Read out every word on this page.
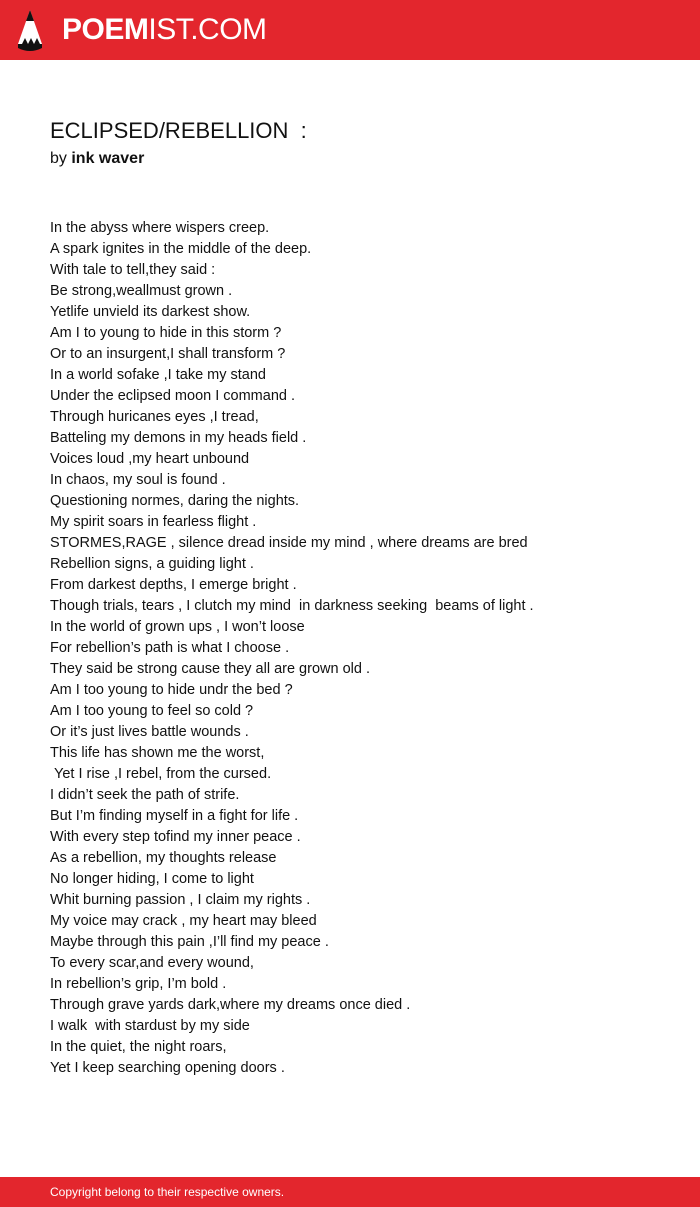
POEMIST.COM
ECLIPSED/REBELLION  :
by ink waver
In the abyss where wispers creep.
A spark ignites in the middle of the deep.
With tale to tell,they said :
Be strong,weallmust grown .
Yetlife unvield its darkest show.
Am I to young to hide in this storm ?
Or to an insurgent,I shall transform ?
In a world sofake ,I take my stand
Under the eclipsed moon I command .
Through huricanes eyes ,I tread,
Batteling my demons in my heads field .
Voices loud ,my heart unbound
In chaos, my soul is found .
Questioning normes, daring the nights.
My spirit soars in fearless flight .
STORMES,RAGE , silence dread inside my mind , where dreams are bred
Rebellion signs, a guiding light .
From darkest depths, I emerge bright .
Though trials, tears , I clutch my mind  in darkness seeking  beams of light .
In the world of grown ups , I won’t loose
For rebellion’s path is what I choose .
They said be strong cause they all are grown old .
Am I too young to hide undr the bed ?
Am I too young to feel so cold ?
Or it’s just lives battle wounds .
This life has shown me the worst,
Yet I rise ,I rebel, from the cursed.
I didn’t seek the path of strife.
But I’m finding myself in a fight for life .
With every step tofind my inner peace .
As a rebellion, my thoughts release
No longer hiding, I come to light
Whit burning passion , I claim my rights .
My voice may crack , my heart may bleed
Maybe through this pain ,I’ll find my peace .
To every scar,and every wound,
In rebellion’s grip, I’m bold .
Through grave yards dark,where my dreams once died .
I walk  with stardust by my side
In the quiet, the night roars,
Yet I keep searching opening doors .
Copyright belong to their respective owners.
